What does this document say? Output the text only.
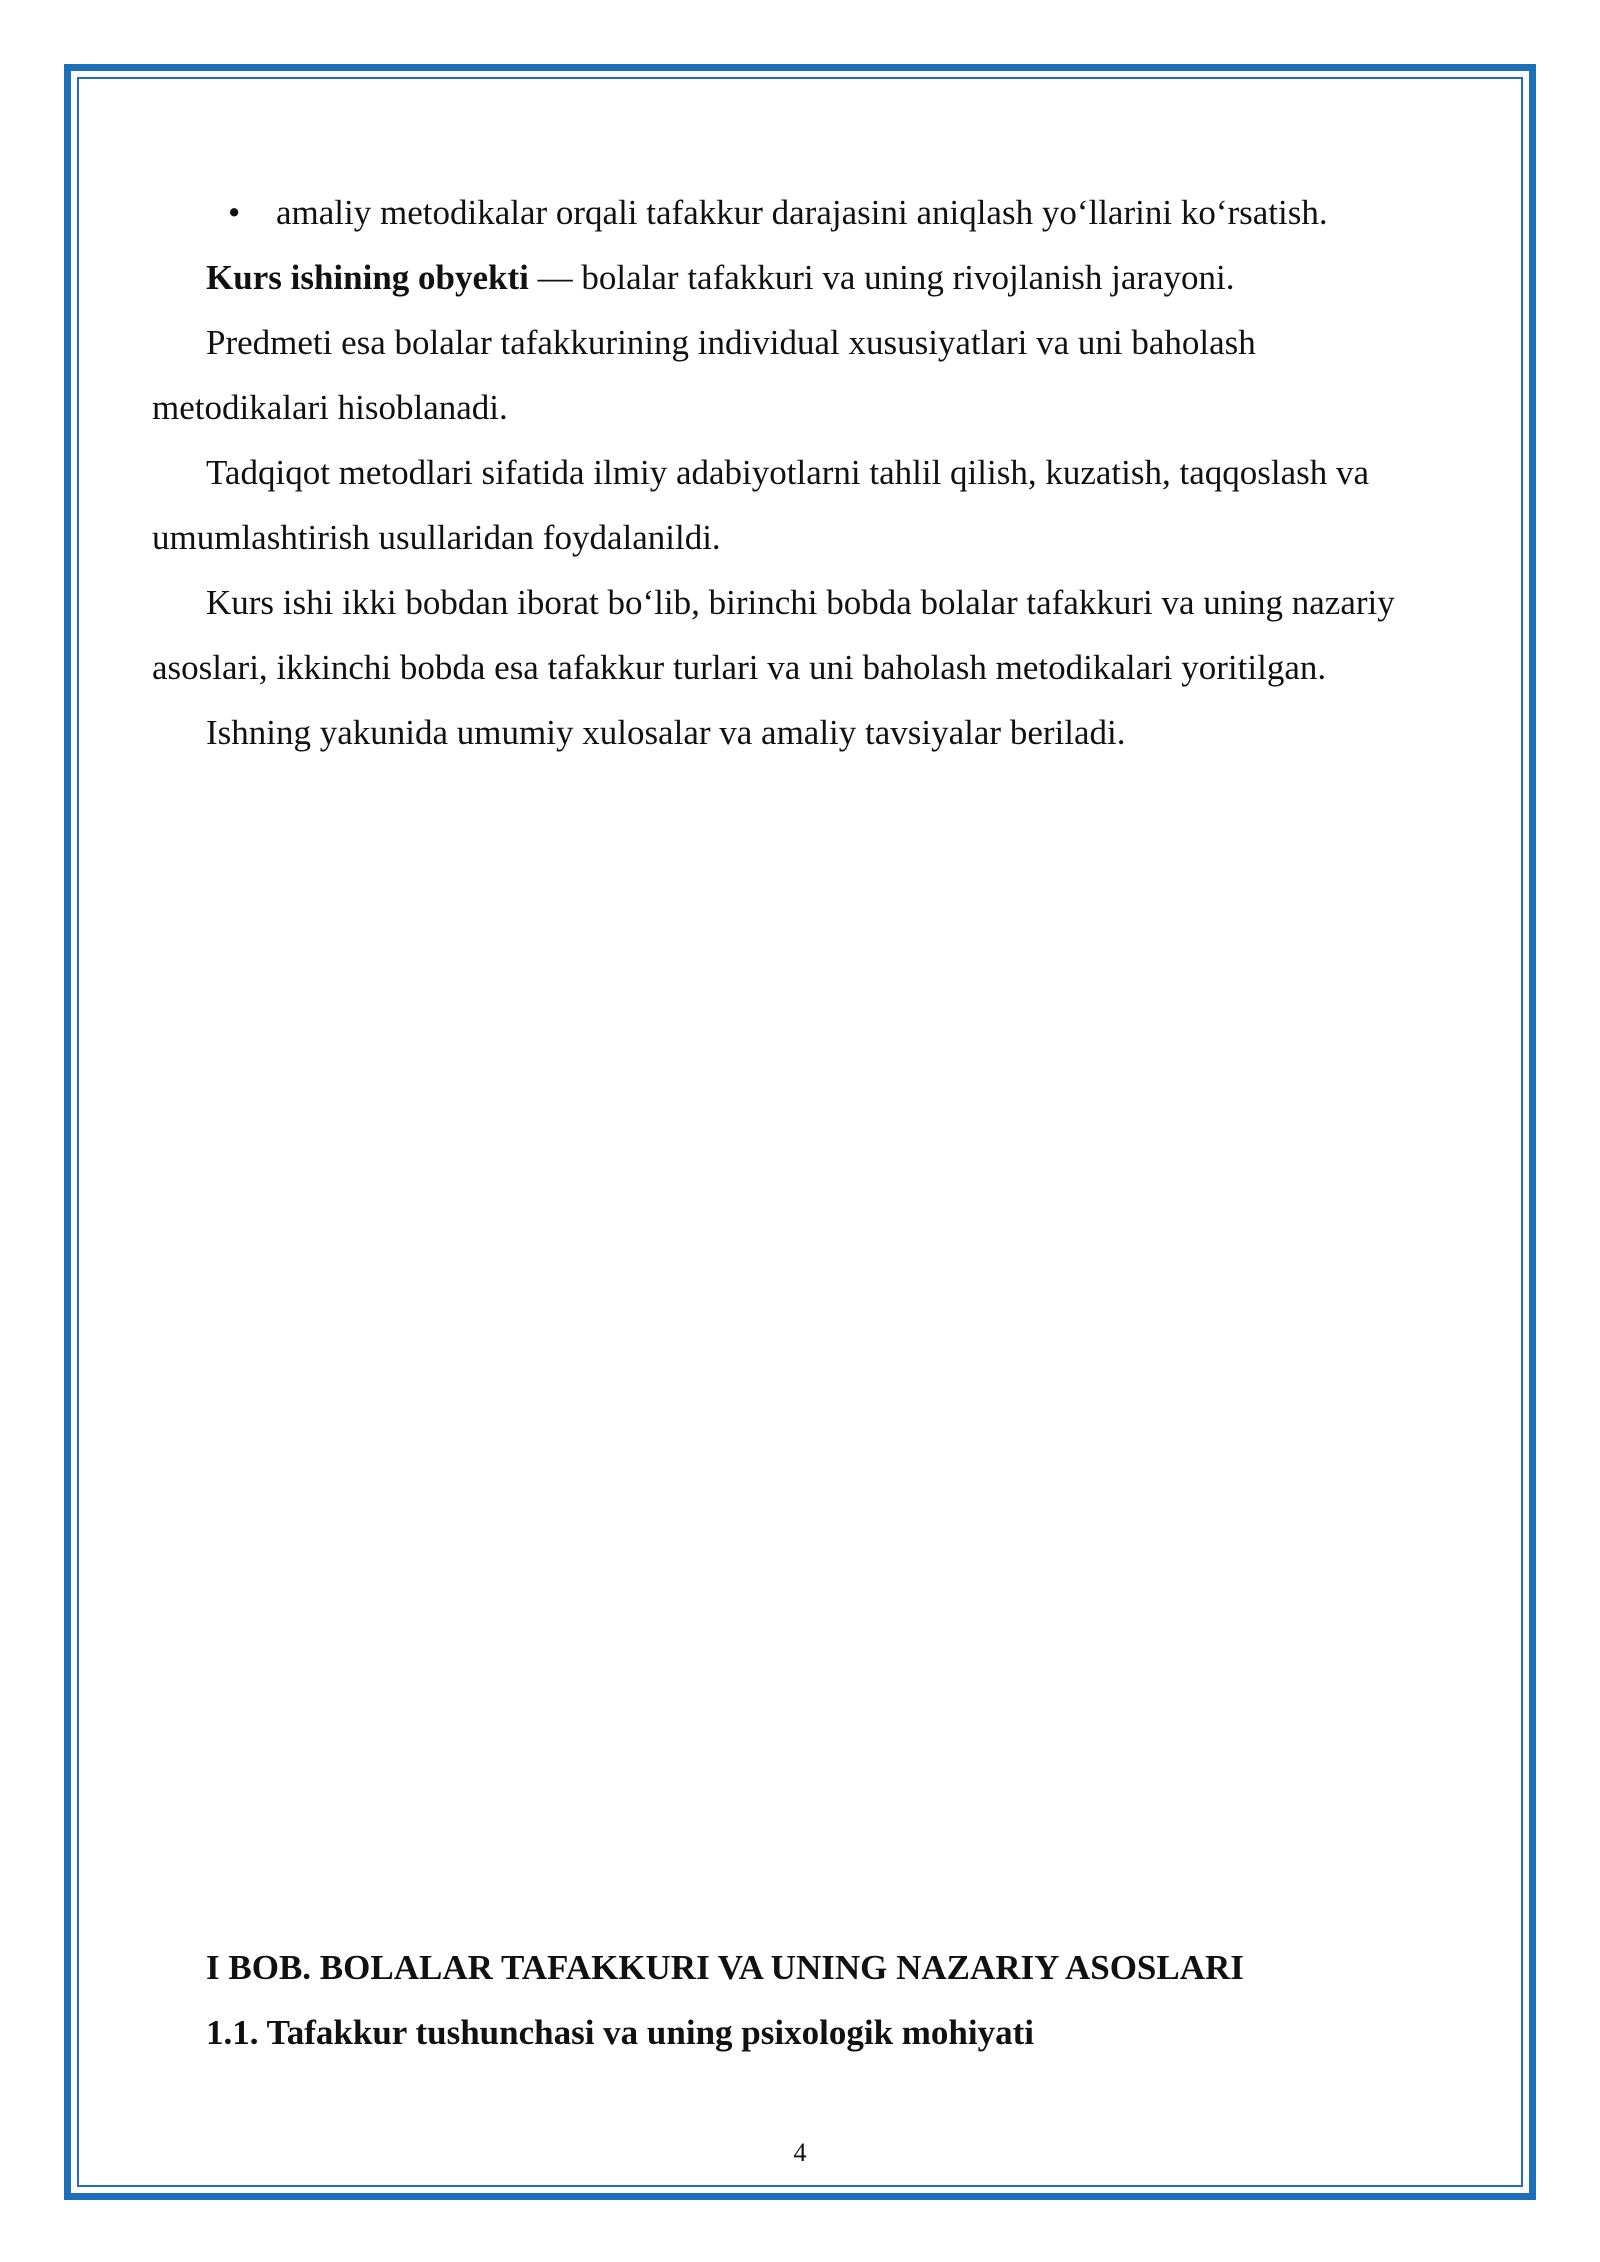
• amaliy metodikalar orqali tafakkur darajasini aniqlash yo‘llarini ko‘rsatish.

Kurs ishining obyekti — bolalar tafakkuri va uning rivojlanish jarayoni.

Predmeti esa bolalar tafakkurining individual xususiyatlari va uni baholash metodikalari hisoblanadi.

Tadqiqot metodlari sifatida ilmiy adabiyotlarni tahlil qilish, kuzatish, taqqoslash va umumlashtirish usullaridan foydalanildi.

Kurs ishi ikki bobdan iborat bo‘lib, birinchi bobda bolalar tafakkuri va uning nazariy asoslari, ikkinchi bobda esa tafakkur turlari va uni baholash metodikalari yoritilgan.

Ishning yakunida umumiy xulosalar va amaliy tavsiyalar beriladi.

I BOB. BOLALAR TAFAKKURI VA UNING NAZARIY ASOSLARI
1.1. Tafakkur tushunchasi va uning psixologik mohiyati
4
